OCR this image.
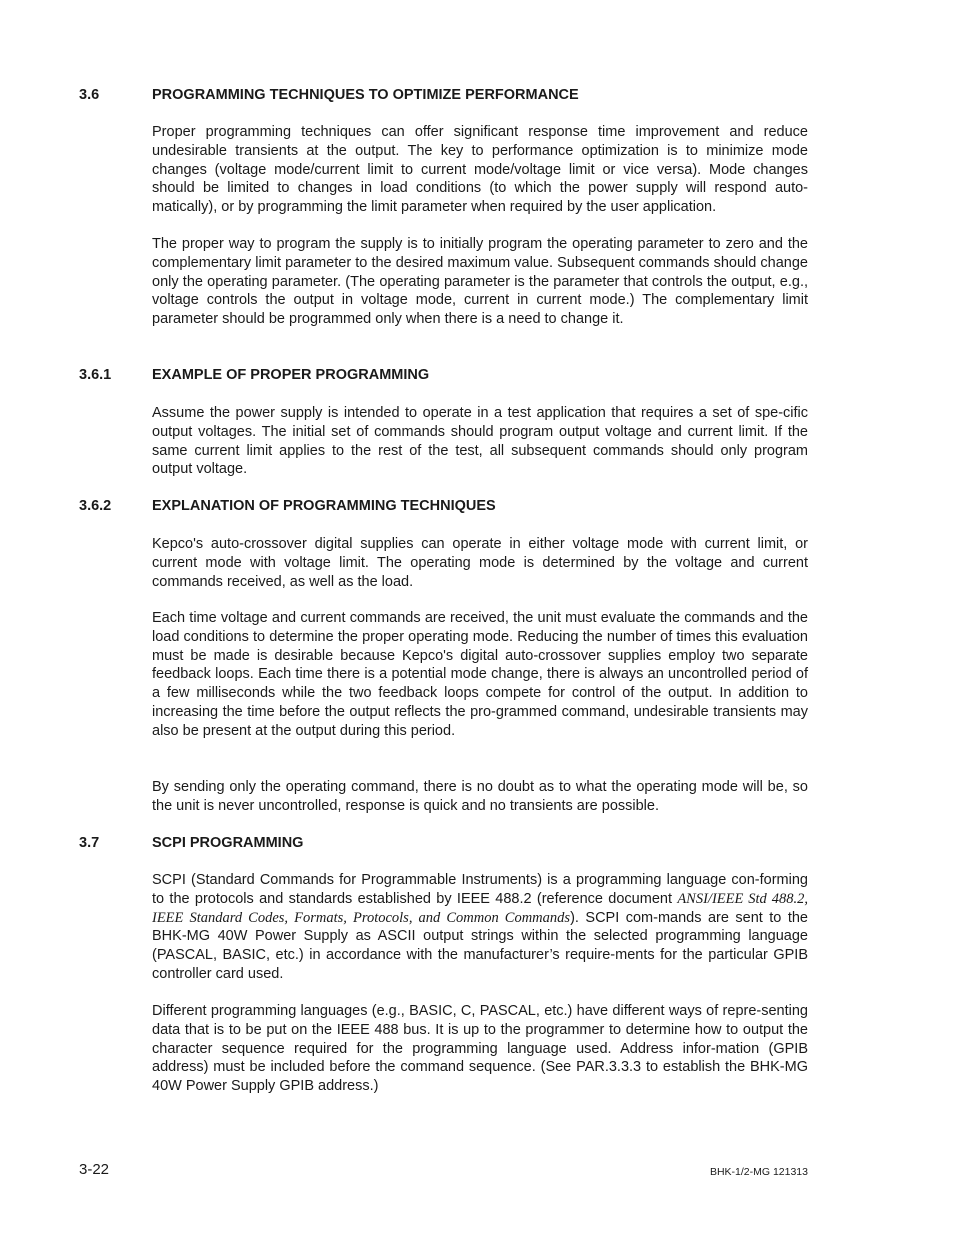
3.6	PROGRAMMING TECHNIQUES TO OPTIMIZE PERFORMANCE

Proper programming techniques can offer significant response time improvement and reduce undesirable transients at the output. The key to performance optimization is to minimize mode changes (voltage mode/current limit to current mode/voltage limit or vice versa). Mode changes should be limited to changes in load conditions (to which the power supply will respond auto-matically), or by programming the limit parameter when required by the user application.

The proper way to program the supply is to initially program the operating parameter to zero and the complementary limit parameter to the desired maximum value. Subsequent commands should change only the operating parameter. (The operating parameter is the parameter that controls the output, e.g., voltage controls the output in voltage mode, current in current mode.) The complementary limit parameter should be programmed only when there is a need to change it.

3.6.1	EXAMPLE OF PROPER PROGRAMMING

Assume the power supply is intended to operate in a test application that requires a set of spe-cific output voltages. The initial set of commands should program output voltage and current limit. If the same current limit applies to the rest of the test, all subsequent commands should only program output voltage.

3.6.2	EXPLANATION OF PROGRAMMING TECHNIQUES

Kepco's auto-crossover digital supplies can operate in either voltage mode with current limit, or current mode with voltage limit. The operating mode is determined by the voltage and current commands received, as well as the load.

Each time voltage and current commands are received, the unit must evaluate the commands and the load conditions to determine the proper operating mode. Reducing the number of times this evaluation must be made is desirable because Kepco's digital auto-crossover supplies employ two separate feedback loops. Each time there is a potential mode change, there is always an uncontrolled period of a few milliseconds while the two feedback loops compete for control of the output. In addition to increasing the time before the output reflects the pro-grammed command, undesirable transients may also be present at the output during this period.

By sending only the operating command, there is no doubt as to what the operating mode will be, so the unit is never uncontrolled, response is quick and no transients are possible.

3.7	SCPI PROGRAMMING

SCPI (Standard Commands for Programmable Instruments) is a programming language con-forming to the protocols and standards established by IEEE 488.2 (reference document ANSI/IEEE Std 488.2, IEEE Standard Codes, Formats, Protocols, and Common Commands). SCPI com-mands are sent to the BHK-MG 40W Power Supply as ASCII output strings within the selected programming language (PASCAL, BASIC, etc.) in accordance with the manufacturer’s require-ments for the particular GPIB controller card used.

Different programming languages (e.g., BASIC, C, PASCAL, etc.) have different ways of repre-senting data that is to be put on the IEEE 488 bus. It is up to the programmer to determine how to output the character sequence required for the programming language used. Address infor-mation (GPIB address) must be included before the command sequence. (See PAR.3.3.3 to establish the BHK-MG 40W Power Supply GPIB address.)

3-22	BHK-1/2-MG 121313
